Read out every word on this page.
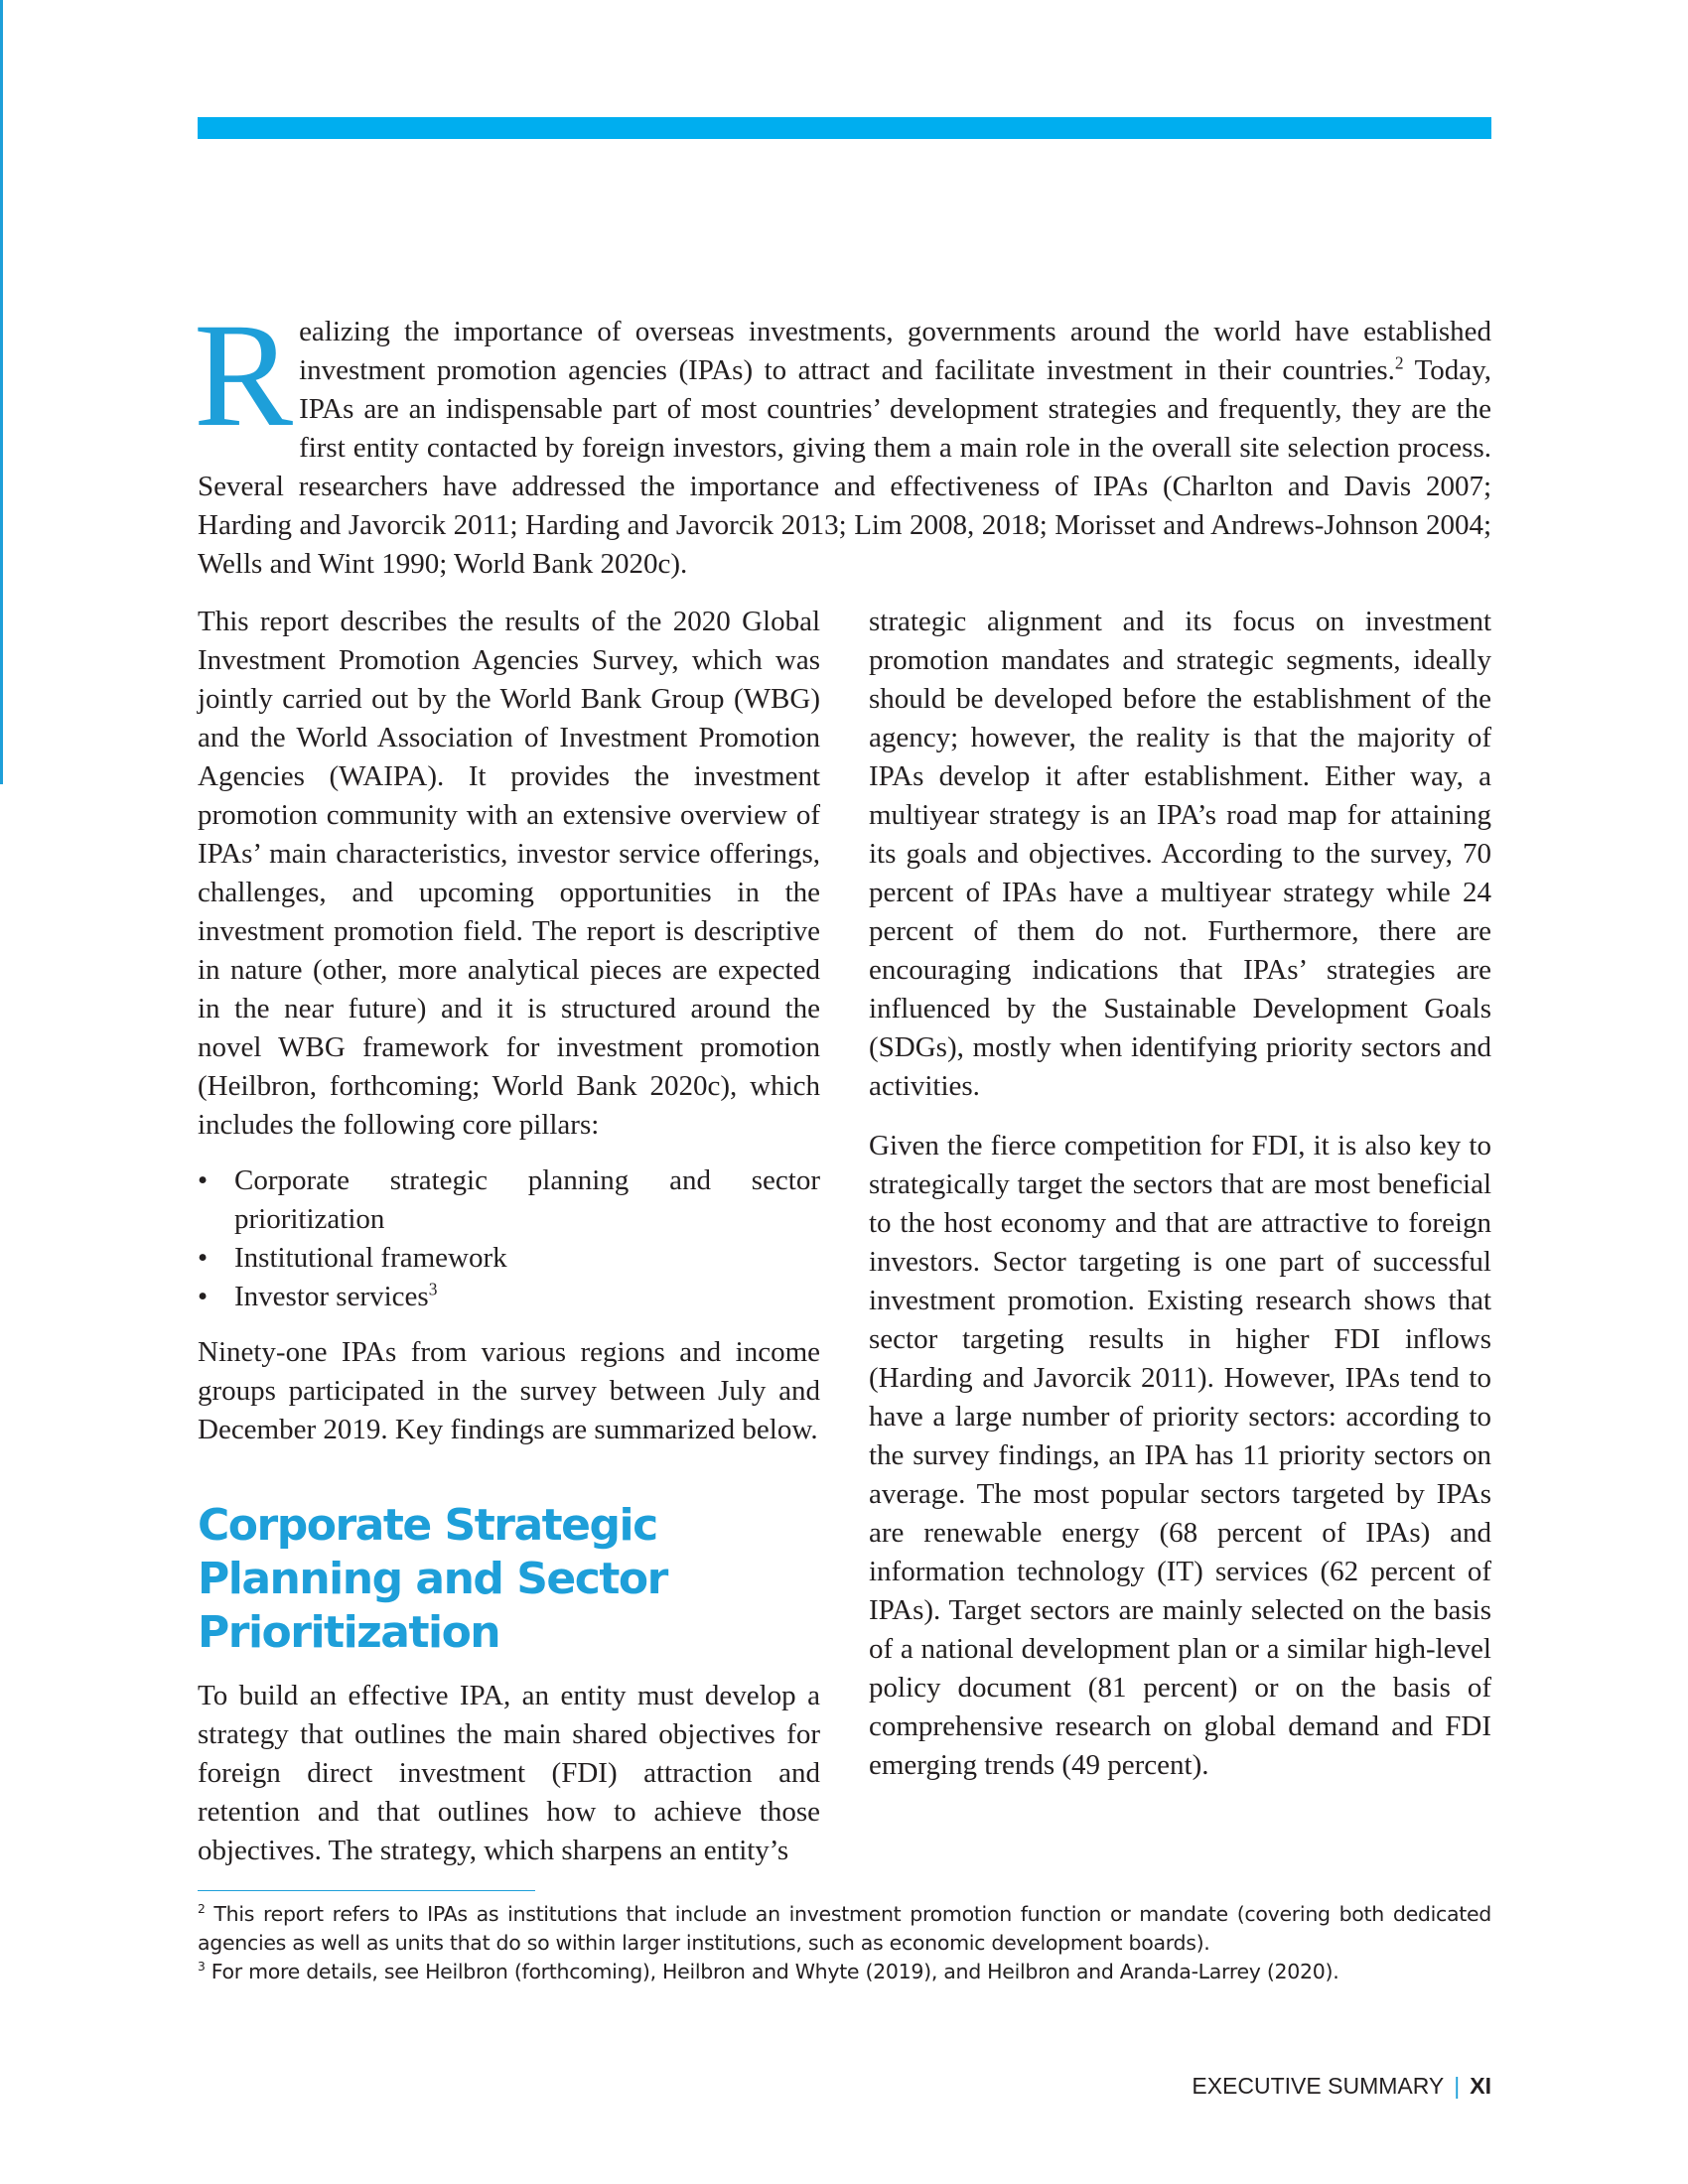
Realizing the importance of overseas investments, governments around the world have established investment promotion agencies (IPAs) to attract and facilitate investment in their countries.$^2$ Today, IPAs are an indispensable part of most countries’ development strategies and frequently, they are the first entity contacted by foreign investors, giving them a main role in the overall site selection process. Several researchers have addressed the importance and effectiveness of IPAs (Charlton and Davis 2007; Harding and Javorcik 2011; Harding and Javorcik 2013; Lim 2008, 2018; Morisset and Andrews-Johnson 2004; Wells and Wint 1990; World Bank 2020c).

This report describes the results of the 2020 Global Investment Promotion Agencies Survey, which was jointly carried out by the World Bank Group (WBG) and the World Association of Investment Promotion Agencies (WAIPA). It provides the investment promotion community with an extensive overview of IPAs’ main characteristics, investor service offerings, challenges, and upcoming opportunities in the investment promotion field. The report is descriptive in nature (other, more analytical pieces are expected in the near future) and it is structured around the novel WBG framework for investment promotion (Heilbron, forthcoming; World Bank 2020c), which includes the following core pillars:

• Corporate strategic planning and sector prioritization
• Institutional framework
• Investor services$^3$

Ninety-one IPAs from various regions and income groups participated in the survey between July and December 2019. Key findings are summarized below.

Corporate Strategic Planning and Sector Prioritization

To build an effective IPA, an entity must develop a strategy that outlines the main shared objectives for foreign direct investment (FDI) attraction and retention and that outlines how to achieve those objectives. The strategy, which sharpens an entity’s

strategic alignment and its focus on investment promotion mandates and strategic segments, ideally should be developed before the establishment of the agency; however, the reality is that the majority of IPAs develop it after establishment. Either way, a multiyear strategy is an IPA’s road map for attaining its goals and objectives. According to the survey, 70 percent of IPAs have a multiyear strategy while 24 percent of them do not. Furthermore, there are encouraging indications that IPAs’ strategies are influenced by the Sustainable Development Goals (SDGs), mostly when identifying priority sectors and activities.

Given the fierce competition for FDI, it is also key to strategically target the sectors that are most beneficial to the host economy and that are attractive to foreign investors. Sector targeting is one part of successful investment promotion. Existing research shows that sector targeting results in higher FDI inflows (Harding and Javorcik 2011). However, IPAs tend to have a large number of priority sectors: according to the survey findings, an IPA has 11 priority sectors on average. The most popular sectors targeted by IPAs are renewable energy (68 percent of IPAs) and information technology (IT) services (62 percent of IPAs). Target sectors are mainly selected on the basis of a national development plan or a similar high-level policy document (81 percent) or on the basis of comprehensive research on global demand and FDI emerging trends (49 percent).

$^2$ This report refers to IPAs as institutions that include an investment promotion function or mandate (covering both dedicated agencies as well as units that do so within larger institutions, such as economic development boards).

$^3$ For more details, see Heilbron (forthcoming), Heilbron and Whyte (2019), and Heilbron and Aranda-Larrey (2020).

EXECUTIVE SUMMARY | XI
